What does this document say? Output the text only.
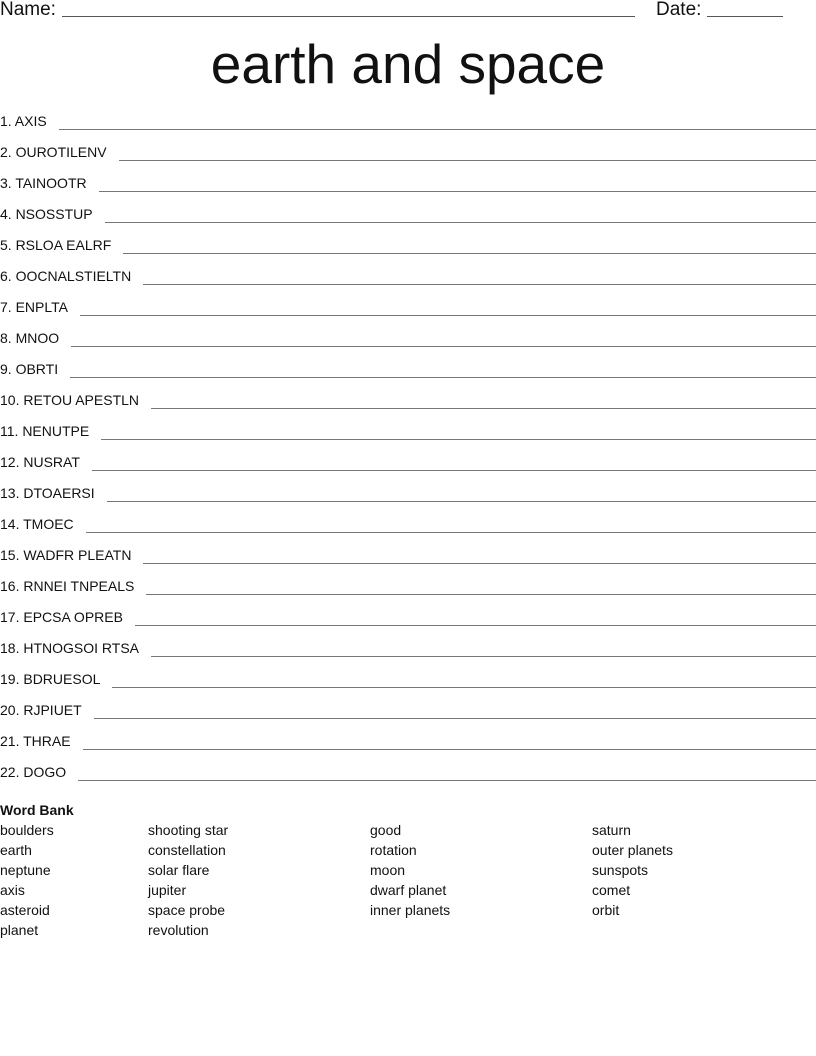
Name:	Date:
earth and space
1. AXIS
2. OUROTILENV
3. TAINOOTR
4. NSOSSTUP
5. RSLOA EALRF
6. OOCNALSTIELTN
7. ENPLTA
8. MNOO
9. OBRTI
10. RETOU APESTLN
11. NENUTPE
12. NUSRAT
13. DTOAERSI
14. TMOEC
15. WADFR PLEATN
16. RNNEI TNPEALS
17. EPCSA OPREB
18. HTNOGSOI RTSA
19. BDRUESOL
20. RJPIUET
21. THRAE
22. DOGO
Word Bank
boulders
earth
neptune
axis
asteroid
planet
shooting star
constellation
solar flare
jupiter
space probe
revolution
good
rotation
moon
dwarf planet
inner planets
saturn
outer planets
sunspots
comet
orbit
